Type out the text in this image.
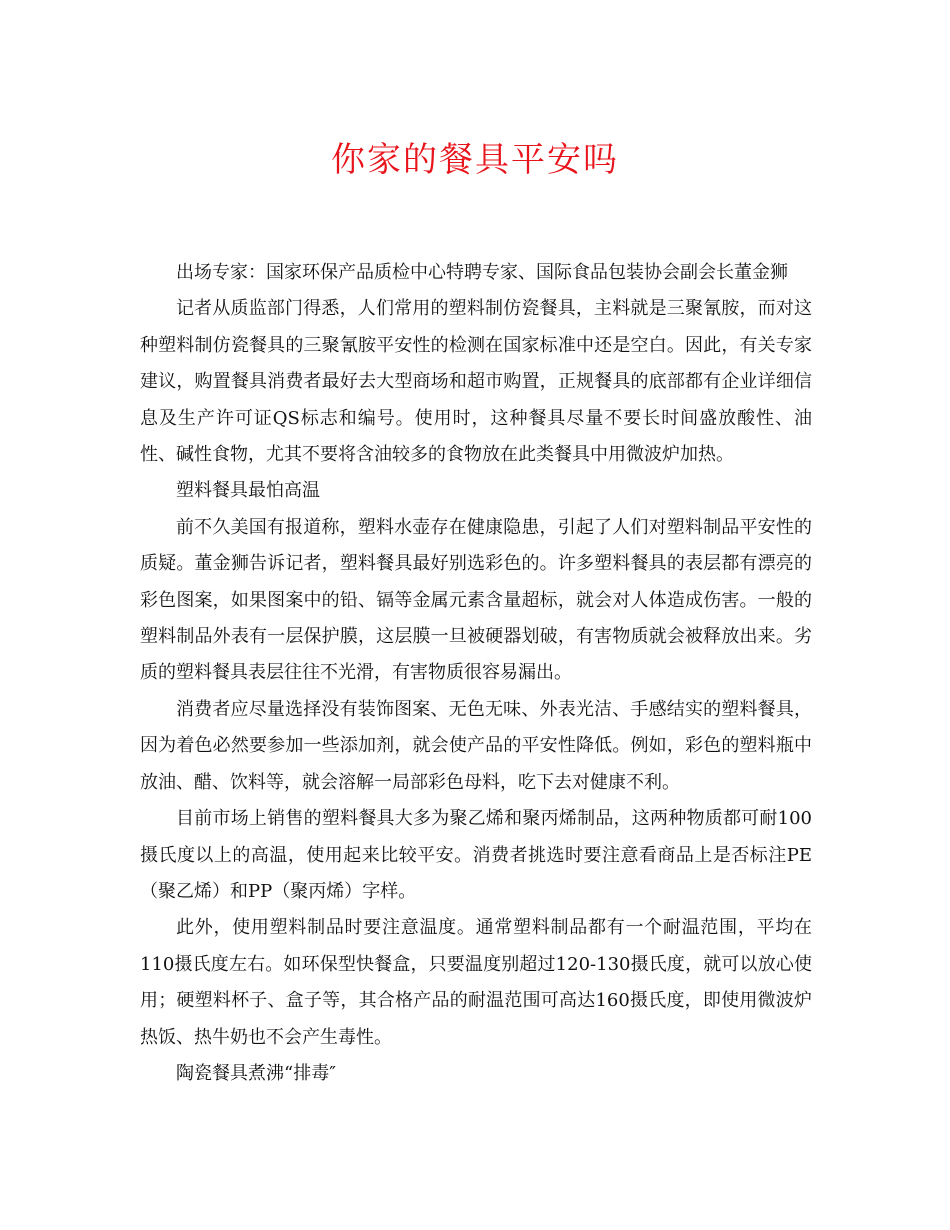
你家的餐具平安吗

出场专家：国家环保产品质检中心特聘专家、国际食品包装协会副会长董金狮

记者从质监部门得悉，人们常用的塑料制仿瓷餐具，主料就是三聚氰胺，而对这种塑料制仿瓷餐具的三聚氰胺平安性的检测在国家标准中还是空白。因此，有关专家建议，购置餐具消费者最好去大型商场和超市购置，正规餐具的底部都有企业详细信息及生产许可证QS标志和编号。使用时，这种餐具尽量不要长时间盛放酸性、油性、碱性食物，尤其不要将含油较多的食物放在此类餐具中用微波炉加热。

塑料餐具最怕高温

前不久美国有报道称，塑料水壶存在健康隐患，引起了人们对塑料制品平安性的质疑。董金狮告诉记者，塑料餐具最好别选彩色的。许多塑料餐具的表层都有漂亮的彩色图案，如果图案中的铅、镉等金属元素含量超标，就会对人体造成伤害。一般的塑料制品外表有一层保护膜，这层膜一旦被硬器划破，有害物质就会被释放出来。劣质的塑料餐具表层往往不光滑，有害物质很容易漏出。

消费者应尽量选择没有装饰图案、无色无味、外表光洁、手感结实的塑料餐具，因为着色必然要参加一些添加剂，就会使产品的平安性降低。例如，彩色的塑料瓶中放油、醋、饮料等，就会溶解一局部彩色母料，吃下去对健康不利。

目前市场上销售的塑料餐具大多为聚乙烯和聚丙烯制品，这两种物质都可耐100摄氏度以上的高温，使用起来比较平安。消费者挑选时要注意看商品上是否标注PE（聚乙烯）和PP（聚丙烯）字样。

此外，使用塑料制品时要注意温度。通常塑料制品都有一个耐温范围，平均在110摄氏度左右。如环保型快餐盒，只要温度别超过120-130摄氏度，就可以放心使用；硬塑料杯子、盒子等，其合格产品的耐温范围可高达160摄氏度，即使用微波炉热饭、热牛奶也不会产生毒性。

陶瓷餐具煮沸“排毒″
